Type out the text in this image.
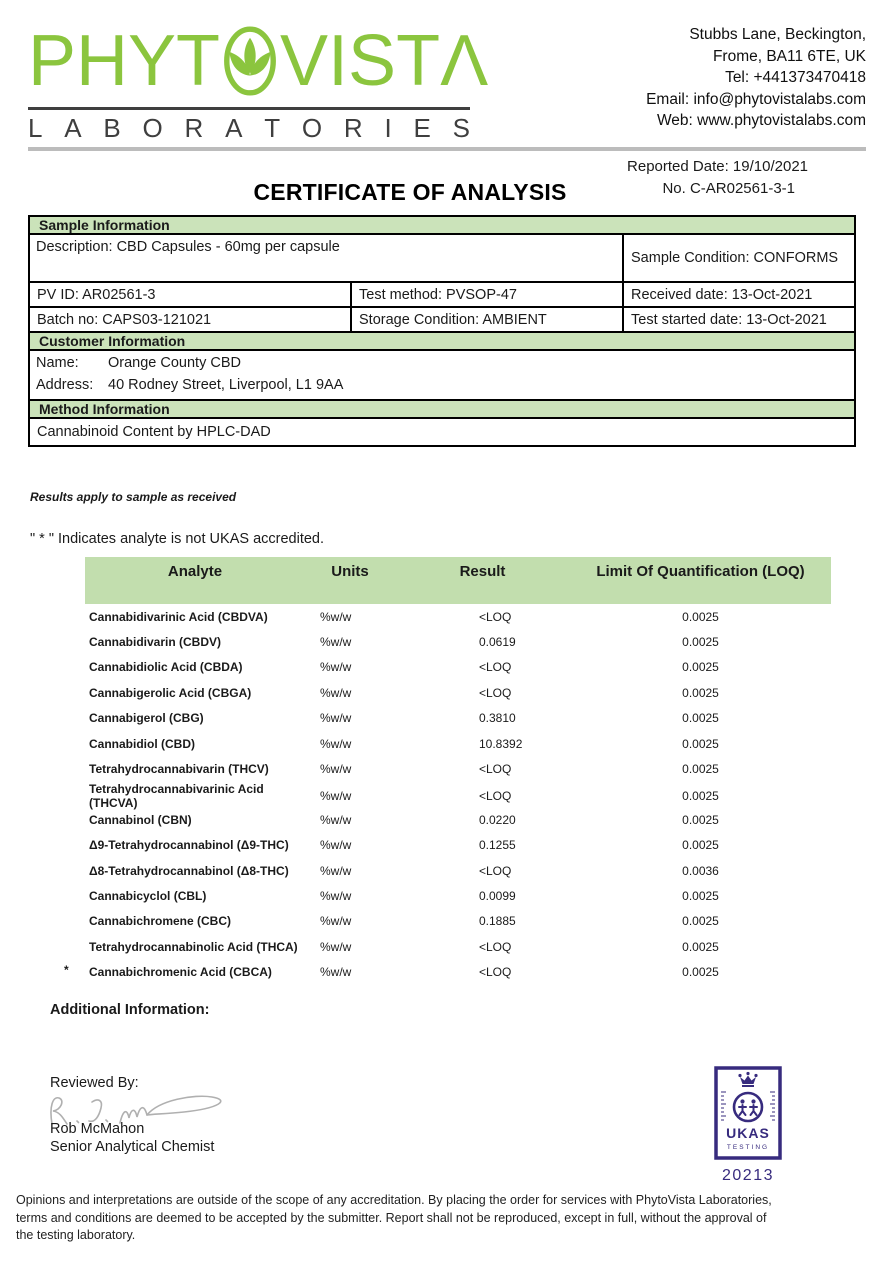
PHYT VIST Λ
L A B O R A T O R I E S
Stubbs Lane, Beckington,
Frome, BA11 6TE, UK
Tel: +441373470418
Email: info@phytovistalabs.com
Web: www.phytovistalabs.com
Reported Date: 19/10/2021
No. C-AR02561-3-1
CERTIFICATE OF ANALYSIS
Sample Information
Description: CBD Capsules - 60mg per capsule
Sample Condition: CONFORMS
PV ID: AR02561-3	Test method: PVSOP-47	Received date: 13-Oct-2021
Batch no: CAPS03-121021	Storage Condition: AMBIENT	Test started date: 13-Oct-2021
Customer Information
Name:	Orange County CBD
Address:	40 Rodney Street, Liverpool, L1 9AA
Method Information
Cannabinoid Content by HPLC-DAD
Results apply to sample as received
" * " Indicates analyte is not UKAS accredited.
Analyte	Units	Result	Limit Of Quantification (LOQ)
Cannabidivarinic Acid (CBDVA)	%w/w	<LOQ	0.0025
Cannabidivarin (CBDV)	%w/w	0.0619	0.0025
Cannabidiolic Acid (CBDA)	%w/w	<LOQ	0.0025
Cannabigerolic Acid (CBGA)	%w/w	<LOQ	0.0025
Cannabigerol (CBG)	%w/w	0.3810	0.0025
Cannabidiol (CBD)	%w/w	10.8392	0.0025
Tetrahydrocannabivarin (THCV)	%w/w	<LOQ	0.0025
Tetrahydrocannabivarinic Acid (THCVA)	%w/w	<LOQ	0.0025
Cannabinol (CBN)	%w/w	0.0220	0.0025
Δ9-Tetrahydrocannabinol (Δ9-THC)	%w/w	0.1255	0.0025
Δ8-Tetrahydrocannabinol (Δ8-THC)	%w/w	<LOQ	0.0036
Cannabicyclol (CBL)	%w/w	0.0099	0.0025
Cannabichromene (CBC)	%w/w	0.1885	0.0025
Tetrahydrocannabinolic Acid (THCA)	%w/w	<LOQ	0.0025
*	Cannabichromenic Acid (CBCA)	%w/w	<LOQ	0.0025
Additional Information:
Reviewed By:
Rob McMahon
Senior Analytical Chemist
UKAS
TESTING
20213
Opinions and interpretations are outside of the scope of any accreditation. By placing the order for services with PhytoVista Laboratories,
terms and conditions are deemed to be accepted by the submitter. Report shall not be reproduced, except in full, without the approval of
the testing laboratory.
